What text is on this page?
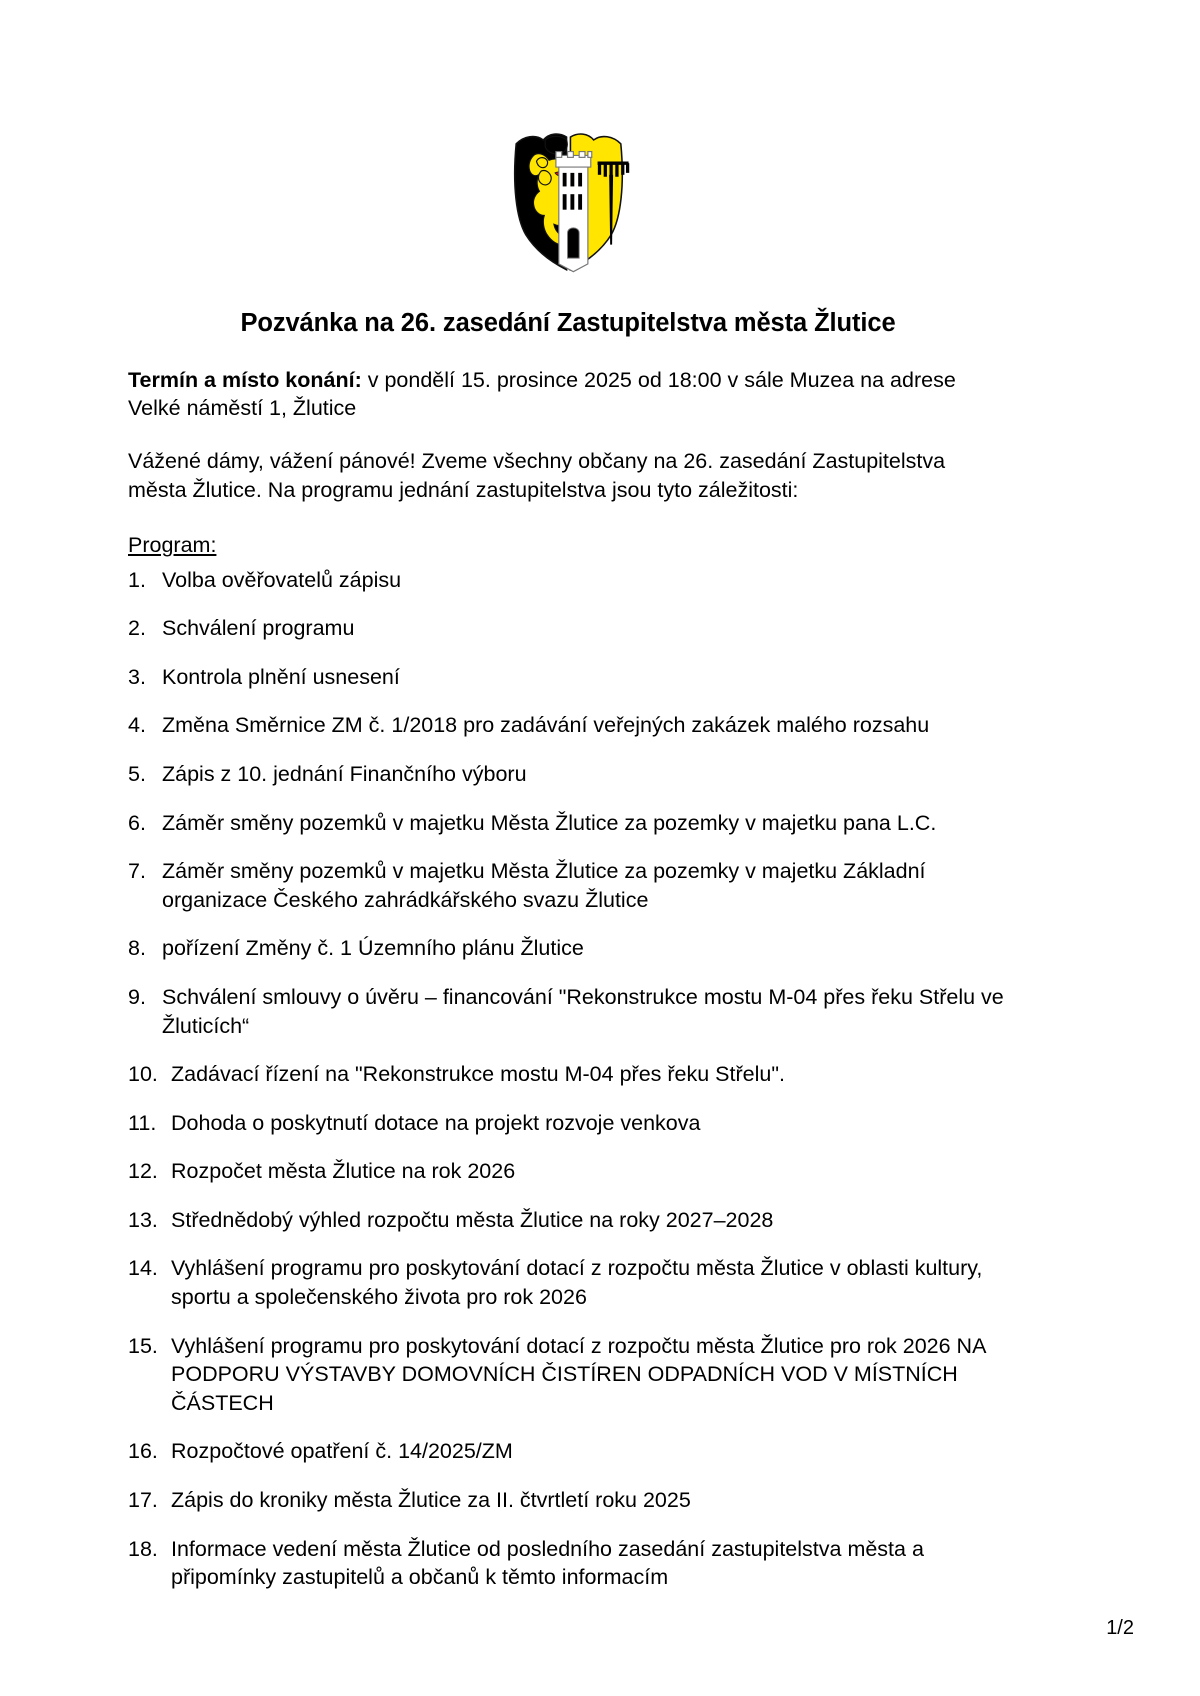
Pozvánka na 26. zasedání Zastupitelstva města Žlutice

Termín a místo konání: v pondělí 15. prosince 2025 od 18:00 v sále Muzea na adrese Velké náměstí 1, Žlutice

Vážené dámy, vážení pánové! Zveme všechny občany na 26. zasedání Zastupitelstva města Žlutice. Na programu jednání zastupitelstva jsou tyto záležitosti:

Program:

1. Volba ověřovatelů zápisu
2. Schválení programu
3. Kontrola plnění usnesení
4. Změna Směrnice ZM č. 1/2018 pro zadávání veřejných zakázek malého rozsahu
5. Zápis z 10. jednání Finančního výboru
6. Záměr směny pozemků v majetku Města Žlutice za pozemky v majetku pana L.C.
7. Záměr směny pozemků v majetku Města Žlutice za pozemky v majetku Základní organizace Českého zahrádkářského svazu Žlutice
8. pořízení Změny č. 1 Územního plánu Žlutice
9. Schválení smlouvy o úvěru – financování "Rekonstrukce mostu M-04 přes řeku Střelu ve Žluticích“
10. Zadávací řízení na "Rekonstrukce mostu M-04 přes řeku Střelu".
11. Dohoda o poskytnutí dotace na projekt rozvoje venkova
12. Rozpočet města Žlutice na rok 2026
13. Střednědobý výhled rozpočtu města Žlutice na roky 2027–2028
14. Vyhlášení programu pro poskytování dotací z rozpočtu města Žlutice v oblasti kultury, sportu a společenského života pro rok 2026
15. Vyhlášení programu pro poskytování dotací z rozpočtu města Žlutice pro rok 2026 NA PODPORU VÝSTAVBY DOMOVNÍCH ČISTÍREN ODPADNÍCH VOD V MÍSTNÍCH ČÁSTECH
16. Rozpočtové opatření č. 14/2025/ZM
17. Zápis do kroniky města Žlutice za II. čtvrtletí roku 2025
18. Informace vedení města Žlutice od posledního zasedání zastupitelstva města a připomínky zastupitelů a občanů k těmto informacím
1/2
